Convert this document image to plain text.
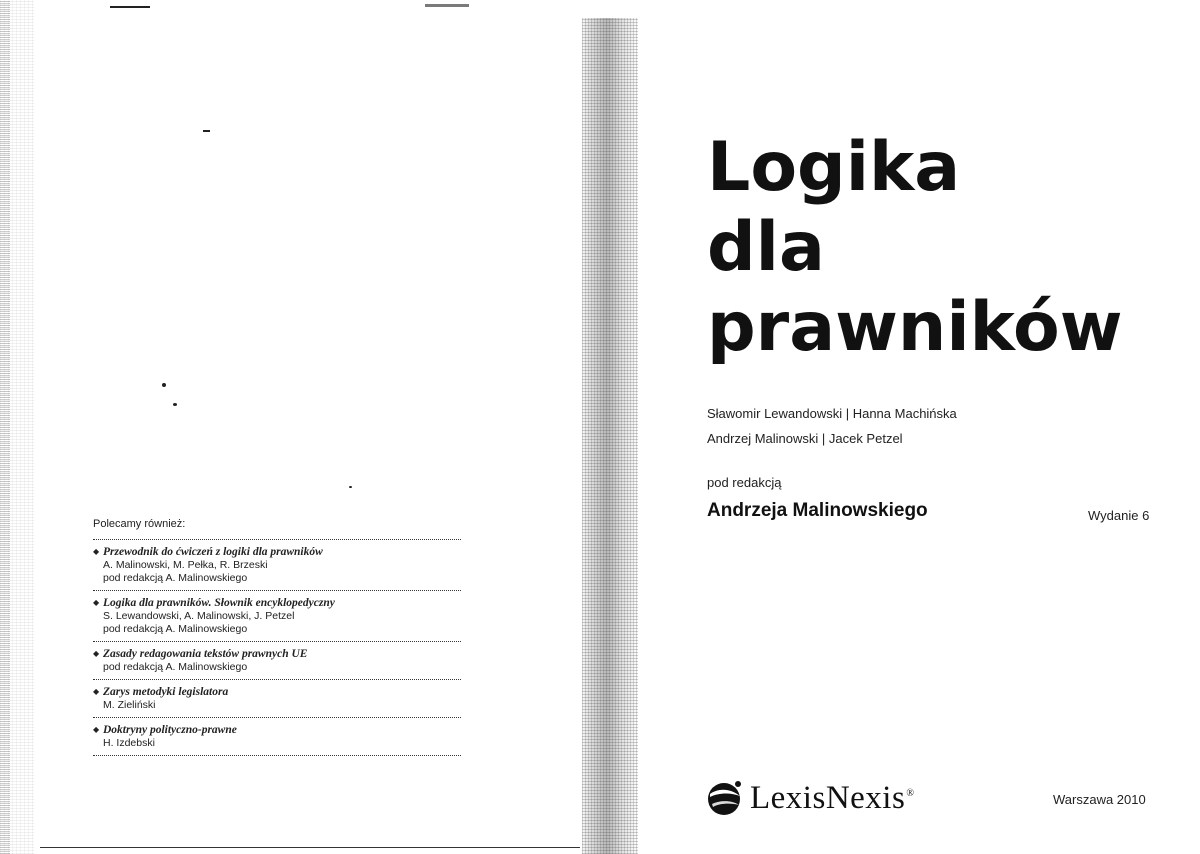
Polecamy również:

◆ Przewodnik do ćwiczeń z logiki dla prawników

A. Malinowski, M. Pełka, R. Brzeski

pod redakcją A. Malinowskiego

◆ Logika dla prawników. Słownik encyklopedyczny

S. Lewandowski, A. Malinowski, J. Petzel

pod redakcją A. Malinowskiego

◆ Zasady redagowania tekstów prawnych UE

pod redakcją A. Malinowskiego

◆ Zarys metodyki legislatora

M. Zieliński

◆ Doktryny polityczno-prawne

H. Izdebski

Logika
dla
prawników
Sławomir Lewandowski | Hanna Machińska
Andrzej Malinowski | Jacek Petzel
pod redakcją
Andrzeja Malinowskiego	Wydanie 6
LexisNexis®	Warszawa 2010
